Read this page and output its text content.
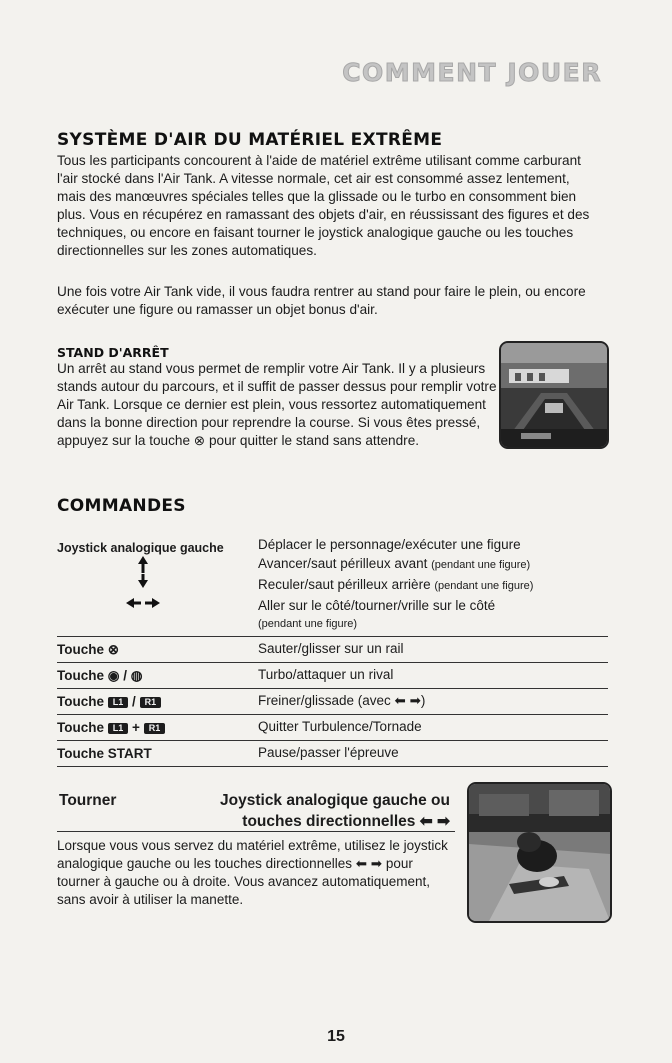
COMMENT JOUER
SYSTÈME D'AIR DU MATÉRIEL EXTRÊME

Tous les participants concourent à l'aide de matériel extrême utilisant comme carburant l'air stocké dans l'Air Tank. A vitesse normale, cet air est consommé assez lentement, mais des manœuvres spéciales telles que la glissade ou le turbo en consomment bien plus. Vous en récupérez en ramassant des objets d'air, en réussissant des figures et des techniques, ou encore en faisant tourner le joystick analogique gauche ou les touches directionnelles sur les zones automatiques.

Une fois votre Air Tank vide, il vous faudra rentrer au stand pour faire le plein, ou encore exécuter une figure ou ramasser un objet bonus d'air.

STAND D'ARRÊT

Un arrêt au stand vous permet de remplir votre Air Tank. Il y a plusieurs stands autour du parcours, et il suffit de passer dessus pour remplir votre Air Tank. Lorsque ce dernier est plein, vous ressortez automatiquement dans la bonne direction pour reprendre la course. Si vous êtes pressé, appuyez sur la touche ⊗ pour quitter le stand sans attendre.

COMMANDES
Joystick analogique gauche	Déplacer le personnage/exécuter une figure
Avancer/saut périlleux avant (pendant une figure)
Reculer/saut périlleux arrière (pendant une figure)
Aller sur le côté/tourner/vrille sur le côté
(pendant une figure)
Touche ⊗	Sauter/glisser sur un rail
Touche ◉ / ◍	Turbo/attaquer un rival
Touche L1 / R1	Freiner/glissade (avec ⬅ ➡)
Touche L1 + R1	Quitter Turbulence/Tornade
Touche START	Pause/passer l'épreuve
Tourner	Joystick analogique gauche ou
touches directionnelles ⬅ ➡

Lorsque vous vous servez du matériel extrême, utilisez le joystick analogique gauche ou les touches directionnelles ⬅ ➡ pour tourner à gauche ou à droite. Vous avancez automatiquement, sans avoir à utiliser la manette.

15
